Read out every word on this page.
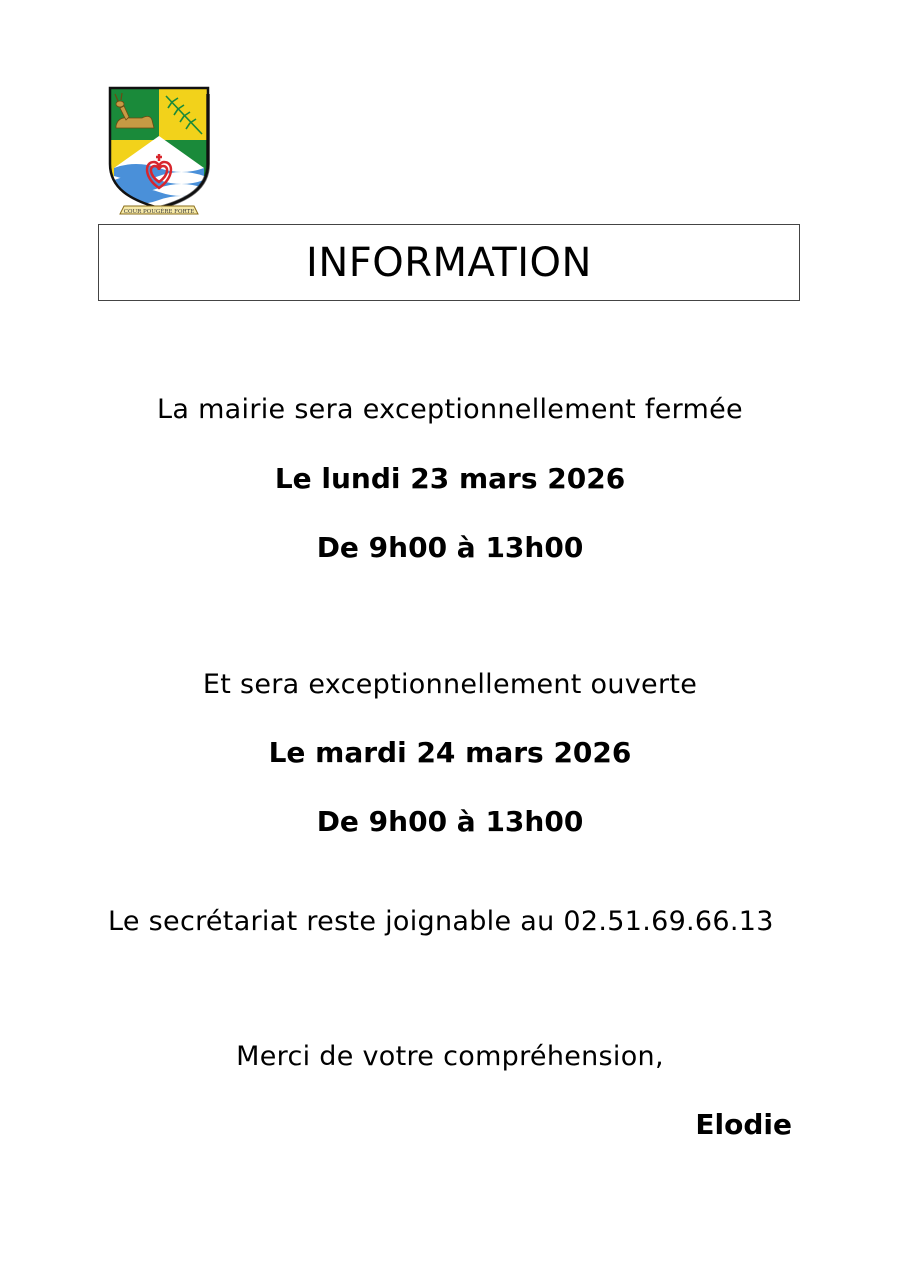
COUR POUGÈRE FORTE
INFORMATION
La mairie sera exceptionnellement fermée
Le lundi 23 mars 2026
De 9h00 à 13h00
Et sera exceptionnellement ouverte
Le mardi 24 mars 2026
De 9h00 à 13h00
Le secrétariat reste joignable au 02.51.69.66.13
Merci de votre compréhension,
Elodie
